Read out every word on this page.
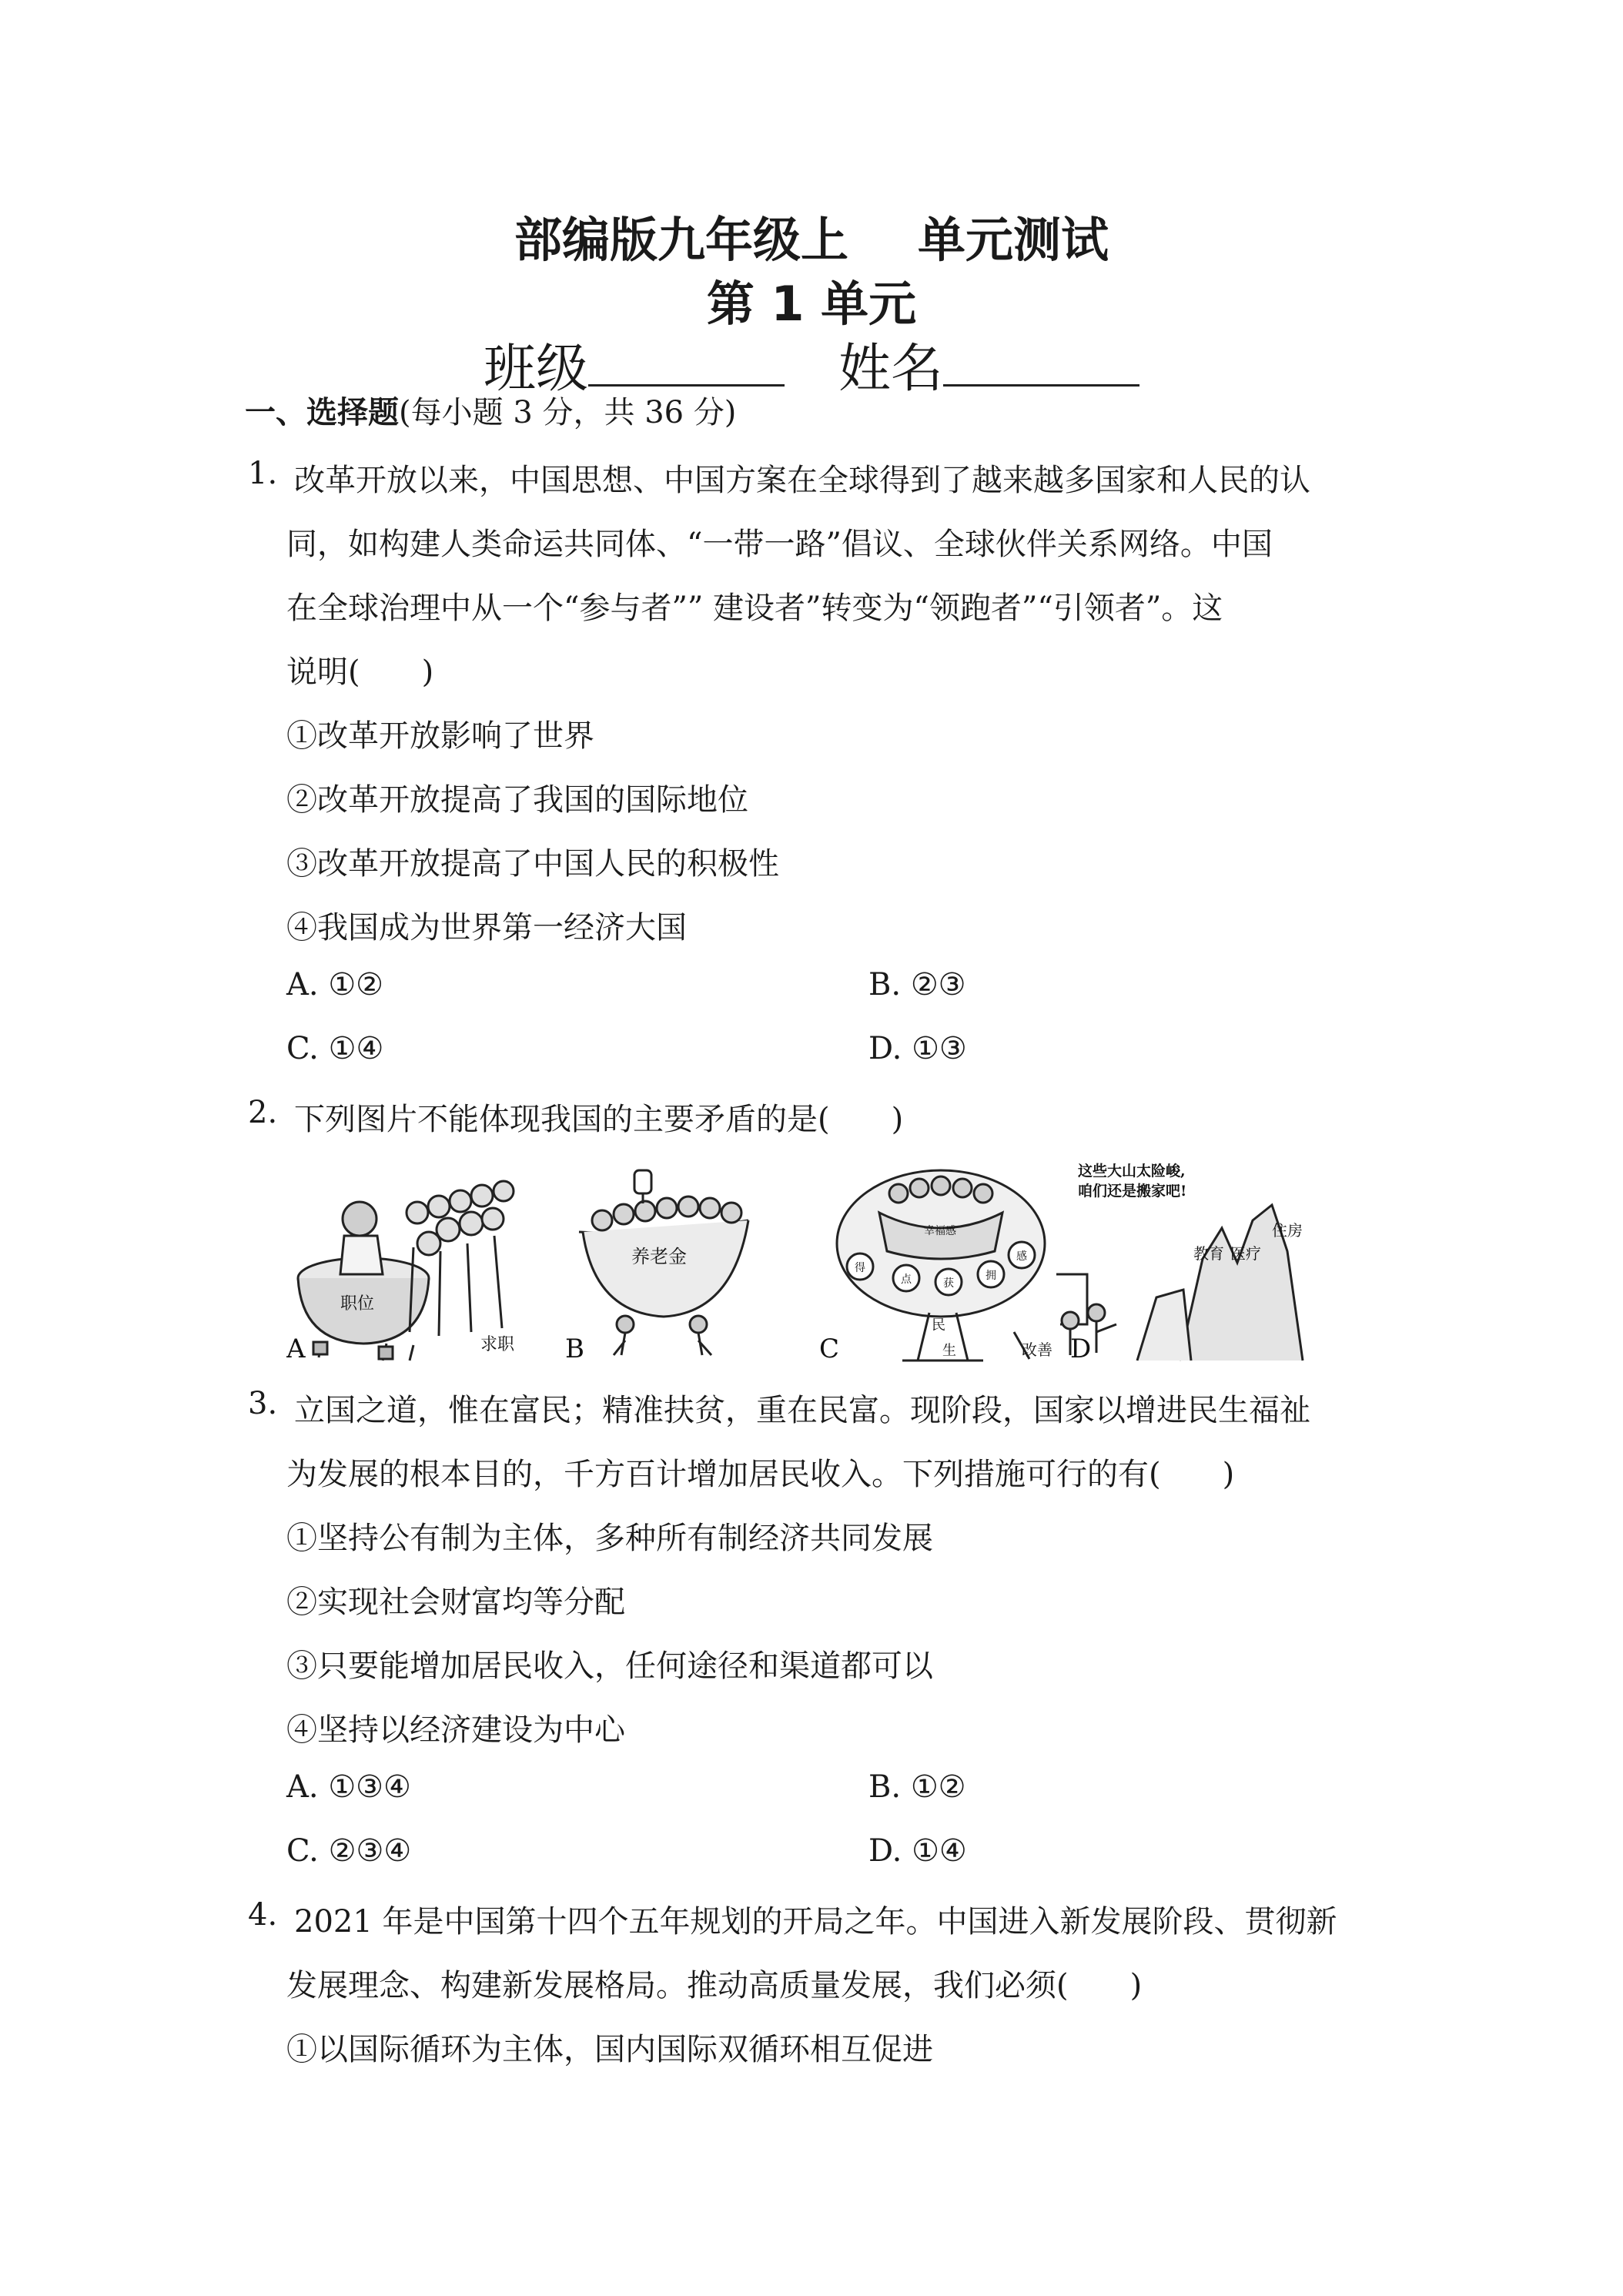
部编版九年级上 单元测试
第 1 单元
班级	姓名
一、选择题(每小题 3 分，共 36 分)
1. 改革开放以来，中国思想、中国方案在全球得到了越来越多国家和人民的认
同，如构建人类命运共同体、“一带一路”倡议、全球伙伴关系网络。中国
在全球治理中从一个“参与者”” 建设者”转变为“领跑者”“引领者”。这
说明(　　)
①改革开放影响了世界
②改革开放提高了我国的国际地位
③改革开放提高了中国人民的积极性
④我国成为世界第一经济大国
A. ①②	B. ②③
C. ①④	D. ①③
2. 下列图片不能体现我国的主要矛盾的是(　　)
A
职位
求职 B
养老金
C
幸福感
得
点	获
感
拥
民
生	改善 D
这些大山太险峻,
咱们还是搬家吧!
教育 医疗
住房
3. 立国之道，惟在富民；精准扶贫，重在民富。现阶段，国家以增进民生福祉
为发展的根本目的，千方百计增加居民收入。下列措施可行的有(　　)
①坚持公有制为主体，多种所有制经济共同发展
②实现社会财富均等分配
③只要能增加居民收入，任何途径和渠道都可以
④坚持以经济建设为中心
A. ①③④	B. ①②
C. ②③④	D. ①④
4. 2021 年是中国第十四个五年规划的开局之年。中国进入新发展阶段、贯彻新
发展理念、构建新发展格局。推动高质量发展，我们必须(　　)
①以国际循环为主体，国内国际双循环相互促进
